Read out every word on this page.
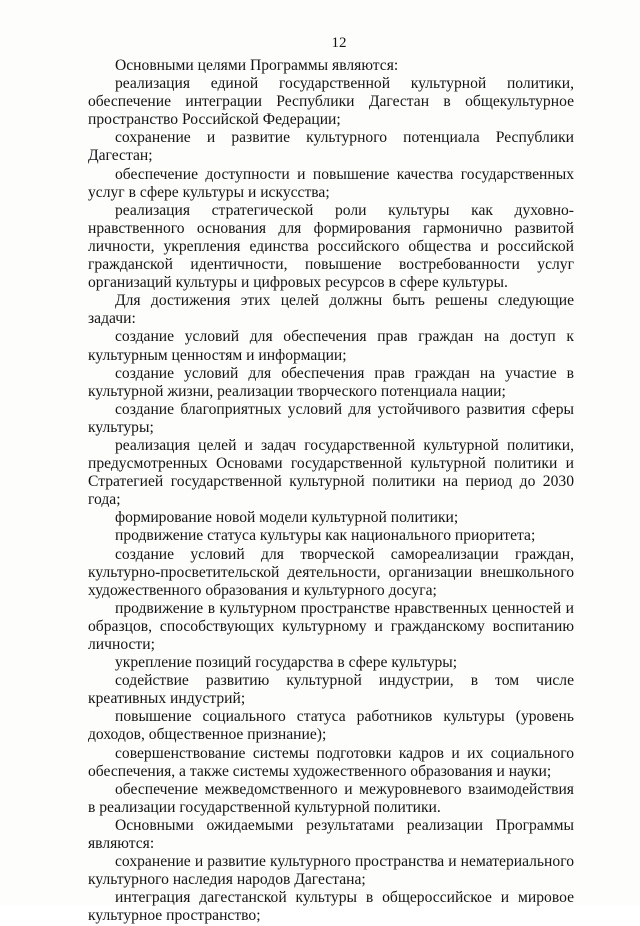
12

Основными целями Программы являются:

реализация единой государственной культурной политики, обеспечение интеграции Республики Дагестан в общекультурное пространство Российской Федерации;

сохранение и развитие культурного потенциала Республики Дагестан;

обеспечение доступности и повышение качества государственных услуг в сфере культуры и искусства;

реализация стратегической роли культуры как духовно-нравственного основания для формирования гармонично развитой личности, укрепления единства российского общества и российской гражданской идентичности, повышение востребованности услуг организаций культуры и цифровых ресурсов в сфере культуры.

Для достижения этих целей должны быть решены следующие задачи:

создание условий для обеспечения прав граждан на доступ к культурным ценностям и информации;

создание условий для обеспечения прав граждан на участие в культурной жизни, реализации творческого потенциала нации;

создание благоприятных условий для устойчивого развития сферы культуры;

реализация целей и задач государственной культурной политики, предусмотренных Основами государственной культурной политики и Стратегией государственной культурной политики на период до 2030 года;

формирование новой модели культурной политики;

продвижение статуса культуры как национального приоритета;

создание условий для творческой самореализации граждан, культурно-просветительской деятельности, организации внешкольного художественного образования и культурного досуга;

продвижение в культурном пространстве нравственных ценностей и образцов, способствующих культурному и гражданскому воспитанию личности;

укрепление позиций государства в сфере культуры;

содействие развитию культурной индустрии, в том числе креативных индустрий;

повышение социального статуса работников культуры (уровень доходов, общественное признание);

совершенствование системы подготовки кадров и их социального обеспечения, а также системы художественного образования и науки;

обеспечение межведомственного и межуровневого взаимодействия в реализации государственной культурной политики.

Основными ожидаемыми результатами реализации Программы являются:

сохранение и развитие культурного пространства и нематериального культурного наследия народов Дагестана;

интеграция дагестанской культуры в общероссийское и мировое культурное пространство;
